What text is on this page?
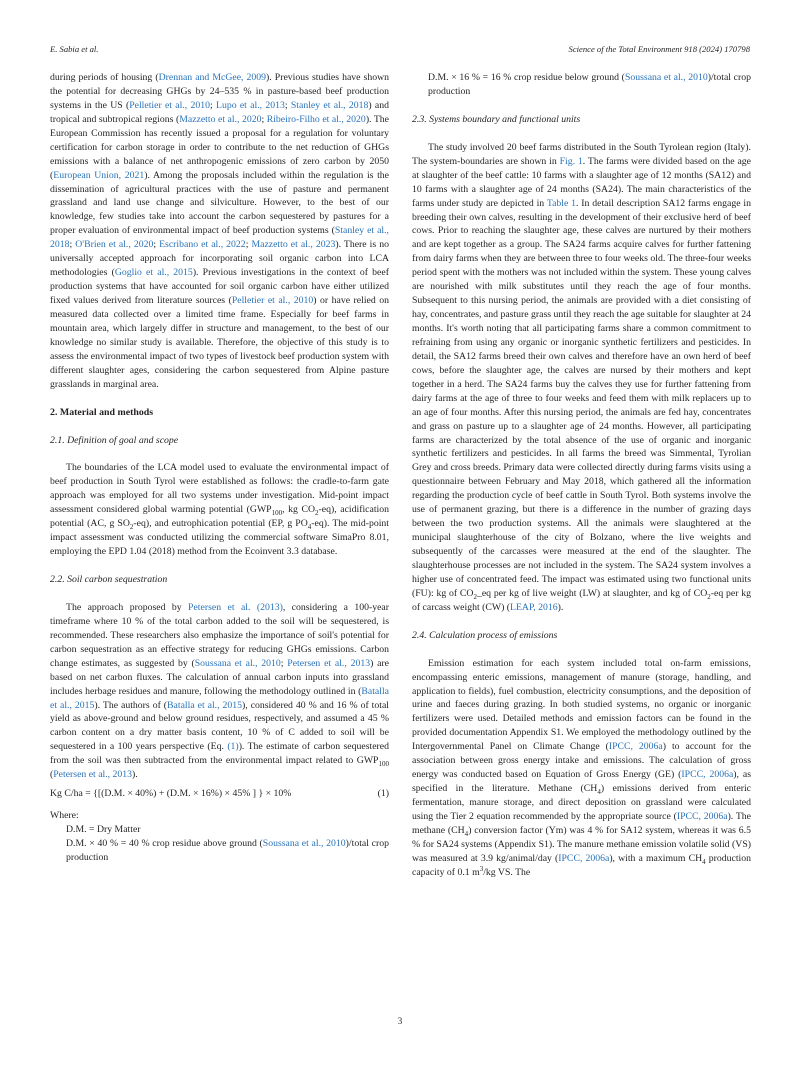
E. Sabia et al.	Science of the Total Environment 918 (2024) 170798

during periods of housing (Drennan and McGee, 2009). Previous studies have shown the potential for decreasing GHGs by 24–535 % in pasture-based beef production systems in the US (Pelletier et al., 2010; Lupo et al., 2013; Stanley et al., 2018) and tropical and subtropical regions (Mazzetto et al., 2020; Ribeiro-Filho et al., 2020). The European Commission has recently issued a proposal for a regulation for voluntary certification for carbon storage in order to contribute to the net reduction of GHGs emissions with a balance of net anthropogenic emissions of zero carbon by 2050 (European Union, 2021). Among the proposals included within the regulation is the dissemination of agricultural practices with the use of pasture and permanent grassland and land use change and silviculture. However, to the best of our knowledge, few studies take into account the carbon sequestered by pastures for a proper evaluation of environmental impact of beef production systems (Stanley et al., 2018; O'Brien et al., 2020; Escribano et al., 2022; Mazzetto et al., 2023). There is no universally accepted approach for incorporating soil organic carbon into LCA methodologies (Goglio et al., 2015). Previous investigations in the context of beef production systems that have accounted for soil organic carbon have either utilized fixed values derived from literature sources (Pelletier et al., 2010) or have relied on measured data collected over a limited time frame. Especially for beef farms in mountain area, which largely differ in structure and management, to the best of our knowledge no similar study is available. Therefore, the objective of this study is to assess the environmental impact of two types of livestock beef production system with different slaughter ages, considering the carbon sequestered from Alpine pasture grasslands in marginal area.

2. Material and methods
2.1. Definition of goal and scope

The boundaries of the LCA model used to evaluate the environmental impact of beef production in South Tyrol were established as follows: the cradle-to-farm gate approach was employed for all two systems under investigation. Mid-point impact assessment considered global warming potential ($GWP_{100}$, kg $CO_2-eq$), acidification potential (AC, g $SO_2-eq$), and eutrophication potential (EP, g $PO_4-eq$). The mid-point impact assessment was conducted utilizing the commercial software SimaPro 8.01, employing the EPD 1.04 (2018) method from the Ecoinvent 3.3 database.

2.2. Soil carbon sequestration

The approach proposed by Petersen et al. (2013), considering a 100-year timeframe where 10 % of the total carbon added to the soil will be sequestered, is recommended. These researchers also emphasize the importance of soil's potential for carbon sequestration as an effective strategy for reducing GHGs emissions. Carbon change estimates, as suggested by (Soussana et al., 2010; Petersen et al., 2013) are based on net carbon fluxes. The calculation of annual carbon inputs into grassland includes herbage residues and manure, following the methodology outlined in (Batalla et al., 2015). The authors of (Batalla et al., 2015), considered 40 % and 16 % of total yield as above-ground and below ground residues, respectively, and assumed a 45 % carbon content on a dry matter basis content, 10 % of C added to soil will be sequestered in a 100 years perspective (Eq. (1)). The estimate of carbon sequestered from the soil was then subtracted from the environmental impact related to $GWP_{100}$ (Petersen et al., 2013).

Kg C/ha = {[(D.M. × 40%) + (D.M. × 16%) × 45% ] } × 10%	(1)

Where:

D.M. = Dry Matter

D.M. × 40 % = 40 % crop residue above ground (Soussana et al., 2010)/total crop production

D.M. × 16 % = 16 % crop residue below ground (Soussana et al., 2010)/total crop production

2.3. Systems boundary and functional units

The study involved 20 beef farms distributed in the South Tyrolean region (Italy). The system-boundaries are shown in Fig. 1. The farms were divided based on the age at slaughter of the beef cattle: 10 farms with a slaughter age of 12 months (SA12) and 10 farms with a slaughter age of 24 months (SA24). The main characteristics of the farms under study are depicted in Table 1. In detail description SA12 farms engage in breeding their own calves, resulting in the development of their exclusive herd of beef cows. Prior to reaching the slaughter age, these calves are nurtured by their mothers and are kept together as a group. The SA24 farms acquire calves for further fattening from dairy farms when they are between three to four weeks old. The three-four weeks period spent with the mothers was not included within the system. These young calves are nourished with milk substitutes until they reach the age of four months. Subsequent to this nursing period, the animals are provided with a diet consisting of hay, concentrates, and pasture grass until they reach the age suitable for slaughter at 24 months. It's worth noting that all participating farms share a common commitment to refraining from using any organic or inorganic synthetic fertilizers and pesticides. In detail, the SA12 farms breed their own calves and therefore have an own herd of beef cows, before the slaughter age, the calves are nursed by their mothers and kept together in a herd. The SA24 farms buy the calves they use for further fattening from dairy farms at the age of three to four weeks and feed them with milk replacers up to an age of four months. After this nursing period, the animals are fed hay, concentrates and grass on pasture up to a slaughter age of 24 months. However, all participating farms are characterized by the total absence of the use of organic and inorganic synthetic fertilizers and pesticides. In all farms the breed was Simmental, Tyrolian Grey and cross breeds. Primary data were collected directly during farms visits using a questionnaire between February and May 2018, which gathered all the information regarding the production cycle of beef cattle in South Tyrol. Both systems involve the use of permanent grazing, but there is a difference in the number of grazing days between the two production systems. All the animals were slaughtered at the municipal slaughterhouse of the city of Bolzano, where the live weights and subsequently of the carcasses were measured at the end of the slaughter. The slaughterhouse processes are not included in the system. The SA24 system involves a higher use of concentrated feed. The impact was estimated using two functional units (FU): kg of $CO_2\_eq$ per kg of live weight (LW) at slaughter, and kg of $CO_2-eq$ per kg of carcass weight (CW) (LEAP, 2016).

2.4. Calculation process of emissions

Emission estimation for each system included total on-farm emissions, encompassing enteric emissions, management of manure (storage, handling, and application to fields), fuel combustion, electricity consumptions, and the deposition of urine and faeces during grazing. In both studied systems, no organic or inorganic fertilizers were used. Detailed methods and emission factors can be found in the provided documentation Appendix S1. We employed the methodology outlined by the Intergovernmental Panel on Climate Change (IPCC, 2006a) to account for the association between gross energy intake and emissions. The calculation of gross energy was conducted based on Equation of Gross Energy (GE) (IPCC, 2006a), as specified in the literature. Methane $(CH_4)$ emissions derived from enteric fermentation, manure storage, and direct deposition on grassland were calculated using the Tier 2 equation recommended by the appropriate source (IPCC, 2006a). The methane $(CH_4)$ conversion factor (Ym) was 4 % for SA12 system, whereas it was 6.5 % for SA24 systems (Appendix S1). The manure methane emission volatile solid (VS) was measured at 3.9 kg/animal/day (IPCC, 2006a), with a maximum $CH_4$ production capacity of 0.1 $m^3/kg$ VS. The

3
